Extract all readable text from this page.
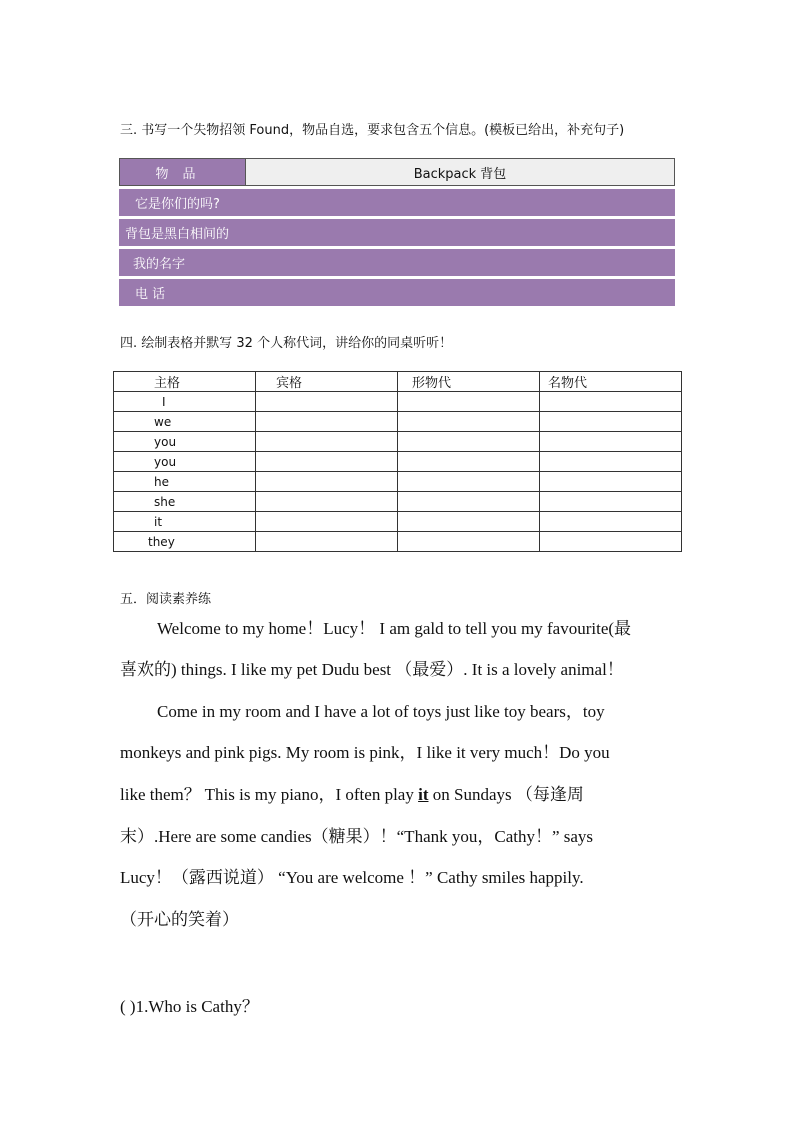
三. 书写一个失物招领 Found，物品自选，要求包含五个信息。(模板已给出，补充句子)
物品	Backpack 背包
它是你们的吗?
背包是黑白相间的
我的名字
电 话
四. 绘制表格并默写 32 个人称代词，讲给你的同桌听听！
主格	宾格	形物代	名物代
I			
we			
you			
you			
he			
she			
it			
they			
五．阅读素养练
Welcome to my home！Lucy！ I am gald to tell you my favourite(最
喜欢的) things. I like my pet Dudu best （最爱）. It is a lovely animal！
Come in my room and I have a lot of toys just like toy bears，toy
monkeys and pink pigs. My room is pink，I like it very much！Do you
like them？ This is my piano，I often play it on Sundays （每逢周
末）.Here are some candies（糖果）！“Thank you，Cathy！” says
Lucy！（露西说道） “You are welcome ！” Cathy smiles happily.
（开心的笑着）
( )1.Who is Cathy？
